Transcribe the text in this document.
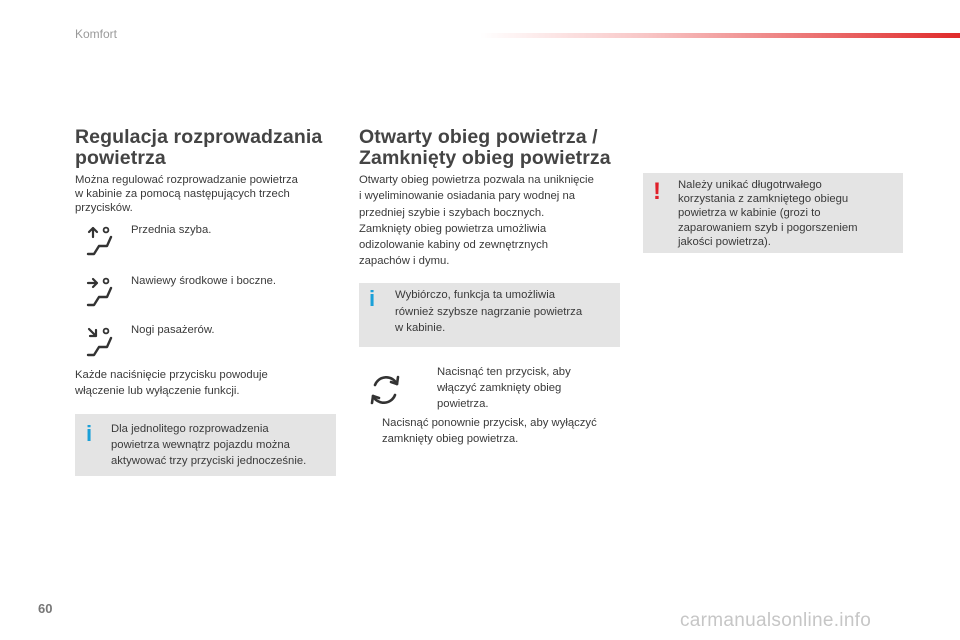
Komfort
Regulacja rozprowadzania
powietrza
Można regulować rozprowadzanie powietrza
w kabinie za pomocą następujących trzech
przycisków.
Przednia szyba.
Nawiewy środkowe i boczne.
Nogi pasażerów.
Każde naciśnięcie przycisku powoduje
włączenie lub wyłączenie funkcji.
i Dla jednolitego rozprowadzenia
powietrza wewnątrz pojazdu można
aktywować trzy przyciski jednocześnie.
Otwarty obieg powietrza /
Zamknięty obieg powietrza
Otwarty obieg powietrza pozwala na uniknięcie
i wyeliminowanie osiadania pary wodnej na
przedniej szybie i szybach bocznych.
Zamknięty obieg powietrza umożliwia
odizolowanie kabiny od zewnętrznych
zapachów i dymu.
i Wybiórczo, funkcja ta umożliwia
również szybsze nagrzanie powietrza
w kabinie.
Nacisnąć ten przycisk, aby
włączyć zamknięty obieg
powietrza.
Nacisnąć ponownie przycisk, aby wyłączyć
zamknięty obieg powietrza.
! Należy unikać długotrwałego
korzystania z zamkniętego obiegu
powietrza w kabinie (grozi to
zaparowaniem szyb i pogorszeniem
jakości powietrza).
60
carmanualsonline.info
